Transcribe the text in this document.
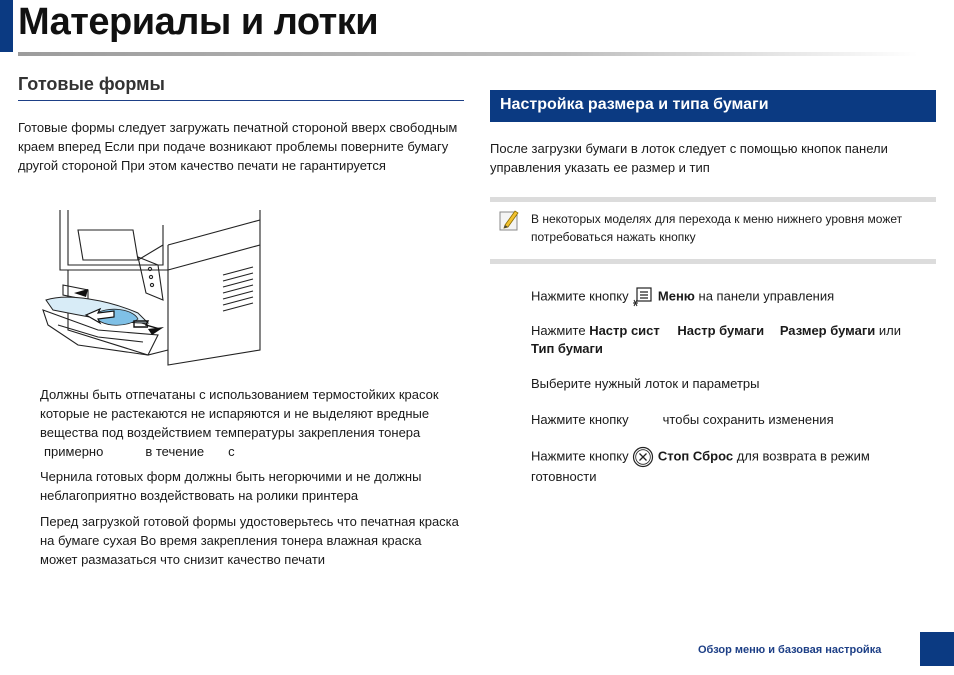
Материалы и лотки
Готовые формы
Готовые формы следует загружать печатной стороной вверх свободным краем вперед Если при подаче возникают проблемы поверните бумагу другой стороной При этом качество печати не гарантируется
Должны быть отпечатаны с использованием термостойких красок которые не растекаются не испаряются и не выделяют вредные вещества под воздействием температуры закрепления тонера
примерно	в течение с
Чернила готовых форм должны быть негорючими и не должны неблагоприятно воздействовать на ролики принтера
Перед загрузкой готовой формы удостоверьтесь что печатная краска на бумаге сухая Во время закрепления тонера влажная краска может размазаться что снизит качество печати
Настройка размера и типа бумаги
После загрузки бумаги в лоток следует с помощью кнопок панели управления указать ее размер и тип
В некоторых моделях для перехода к меню нижнего уровня может потребоваться нажать кнопку
Нажмите кнопку Меню на панели управления
Нажмите Настр сист Настр бумаги Размер бумаги или
Тип бумаги
Выберите нужный лоток и параметры
Нажмите кнопку	чтобы сохранить изменения
Нажмите кнопку Стоп Сброс для возврата в режим готовности
Обзор меню и базовая настройка
